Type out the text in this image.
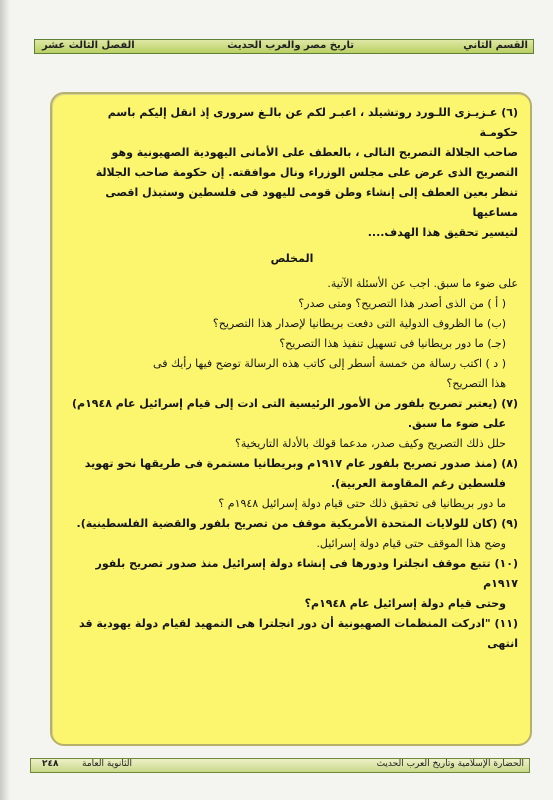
القسم الثاني
تاريخ مصر والعرب الحديث
الفصل الثالث عشر

(٦) عـزيـزى اللـورد روتشيلد ، اعبـر لكم عن بالـغ سرورى إذ انقل إليكم باسم حكومـة

صاحب الجلالة التصريح التالى ، بالعطف على الأمانى اليهودية الصهيونية وهو

التصريح الذى عرض على مجلس الوزراء ونال موافقته. إن حكومة صاحب الجلالة

تنظر بعين العطف إلى إنشاء وطن قومى لليهود فى فلسطين وستبذل اقصى مساعيها

لتيسير تحقيق هذا الهدف....

المخلص

على ضوء ما سبق. اجب عن الأسئلة الآتية.

( أ ) من الذى أصدر هذا التصريح؟ ومتى صدر؟

(ب) ما الظروف الدولية التى دفعت بريطانيا لإصدار هذا التصريح؟

(جـ) ما دور بريطانيا فى تسهيل تنفيذ هذا التصريح؟

( د ) اكتب رسالة من خمسة أسطر إلى كاتب هذه الرسالة توضح فيها رأيك فى

هذا التصريح؟

(٧) (يعتبر تصريح بلفور من الأمور الرئيسية التى ادت إلى قيام إسرائيل عام ١٩٤٨م)

على ضوء ما سبق.

حلل ذلك التصريح وكيف صدر، مدعما قولك بالأدلة التاريخية؟

(٨) (منذ صدور تصريح بلفور عام ١٩١٧م وبريطانيا مستمرة فى طريقها نحو تهويد

فلسطين رغم المقاومة العربية).

ما دور بريطانيا فى تحقيق ذلك حتى قيام دولة إسرائيل ١٩٤٨م ؟

(٩) (كان للولايات المتحدة الأمريكية موقف من تصريح بلفور والقضية الفلسطينية).

وضح هذا الموقف حتى قيام دولة إسرائيل.

(١٠) تتبع موقف انجلترا ودورها فى إنشاء دولة إسرائيل منذ صدور تصريح بلفور ١٩١٧م

وحتى قيام دولة إسرائيل عام ١٩٤٨م؟

(١١) "ادركت المنظمات الصهيونية أن دور انجلترا هى التمهيد لقيام دولة يهودية قد انتهى

الحضارة الإسلامية وتاريخ العرب الحديث
الثانوية العامة
٢٤٨
